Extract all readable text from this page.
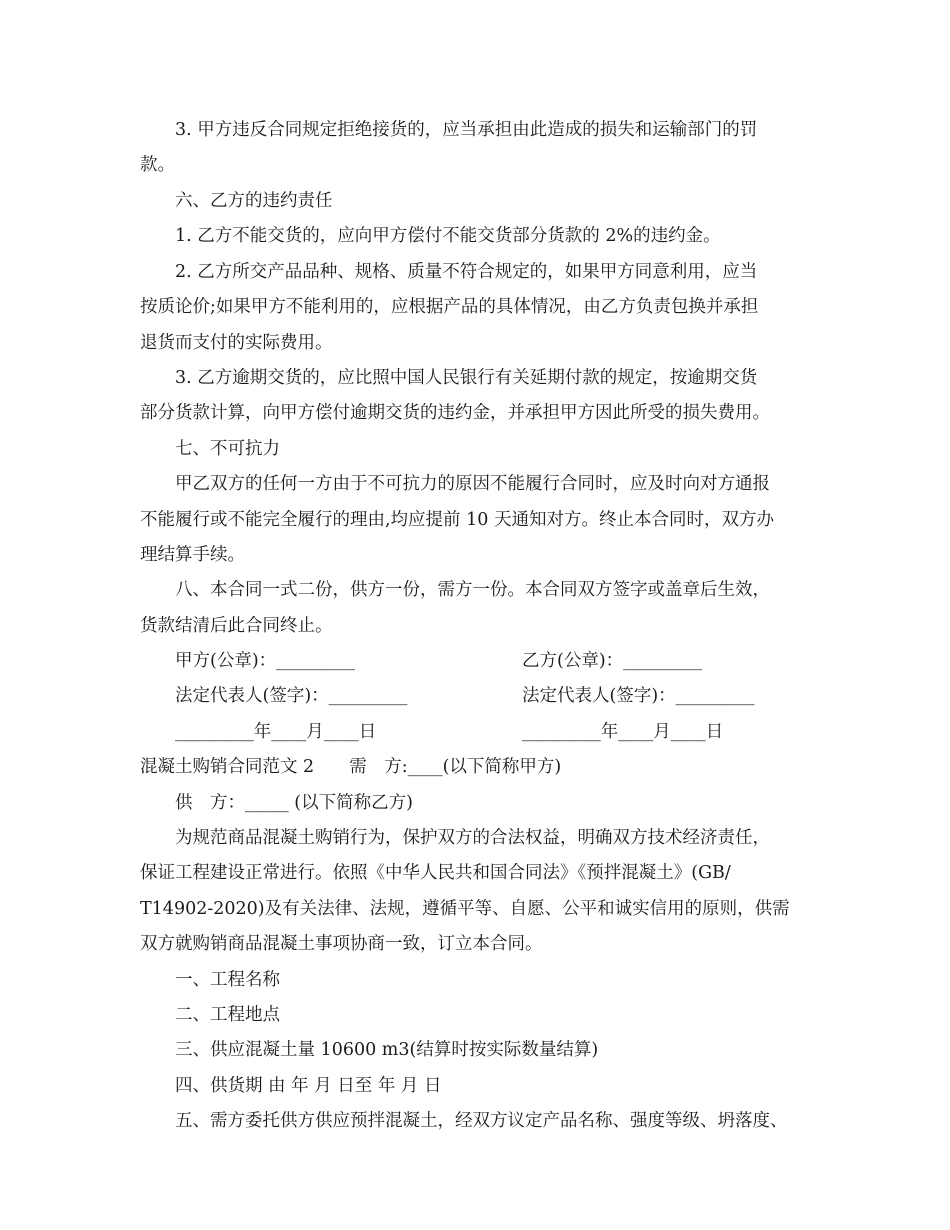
3. 甲方违反合同规定拒绝接货的，应当承担由此造成的损失和运输部门的罚
款。
六、乙方的违约责任
1. 乙方不能交货的，应向甲方偿付不能交货部分货款的 2%的违约金。
2. 乙方所交产品品种、规格、质量不符合规定的，如果甲方同意利用，应当
按质论价;如果甲方不能利用的，应根据产品的具体情况，由乙方负责包换并承担
退货而支付的实际费用。
3. 乙方逾期交货的，应比照中国人民银行有关延期付款的规定，按逾期交货
部分货款计算，向甲方偿付逾期交货的违约金，并承担甲方因此所受的损失费用。
七、不可抗力
甲乙双方的任何一方由于不可抗力的原因不能履行合同时，应及时向对方通报
不能履行或不能完全履行的理由,均应提前 10 天通知对方。终止本合同时，双方办
理结算手续。
八、本合同一式二份，供方一份，需方一份。本合同双方签字或盖章后生效，
货款结清后此合同终止。
甲方(公章)：_________	乙方(公章)：_________
法定代表人(签字)：_________	法定代表人(签字)：_________
_________年____月____日	_________年____月____日
混凝土购销合同范文 2　　需　方:____(以下简称甲方)
供　方：_____ (以下简称乙方)
为规范商品混凝土购销行为，保护双方的合法权益，明确双方技术经济责任，
保证工程建设正常进行。依照《中华人民共和国合同法》《预拌混凝土》(GB/
T14902-2020)及有关法律、法规，遵循平等、自愿、公平和诚实信用的原则，供需
双方就购销商品混凝土事项协商一致，订立本合同。
一、工程名称
二、工程地点
三、供应混凝土量 10600 m3(结算时按实际数量结算)
四、供货期 由 年 月 日至 年 月 日
五、需方委托供方供应预拌混凝土，经双方议定产品名称、强度等级、坍落度、
